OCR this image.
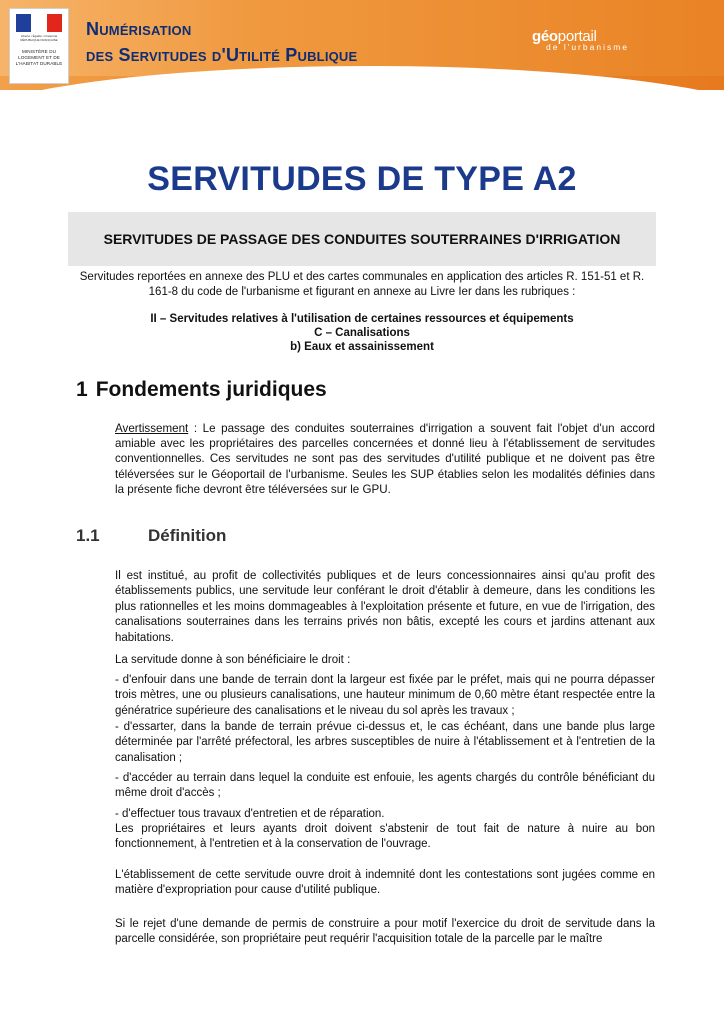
Liberté • Égalité • Fraternité RÉPUBLIQUE FRANÇAISE
MINISTÈRE DU LOGEMENT ET DE L'HABITAT DURABLE
Numérisation
des Servitudes d'Utilité Publique
géoportail
de l'urbanisme
SERVITUDES DE TYPE A2
SERVITUDES DE PASSAGE DES CONDUITES SOUTERRAINES D'IRRIGATION
Servitudes reportées en annexe des PLU et des cartes communales en application des articles R. 151-51 et R. 161-8 du code de l'urbanisme et figurant en annexe au Livre Ier dans les rubriques :
II – Servitudes relatives à l'utilisation de certaines ressources et équipements
C – Canalisations
b) Eaux et assainissement
1 Fondements juridiques
Avertissement : Le passage des conduites souterraines d'irrigation a souvent fait l'objet d'un accord amiable avec les propriétaires des parcelles concernées et donné lieu à l'établissement de servitudes conventionnelles. Ces servitudes ne sont pas des servitudes d'utilité publique et ne doivent pas être téléversées sur le Géoportail de l'urbanisme. Seules les SUP établies selon les modalités définies dans la présente fiche devront être téléversées sur le GPU.
1.1	Définition

Il est institué, au profit de collectivités publiques et de leurs concessionnaires ainsi qu'au profit des établissements publics, une servitude leur conférant le droit d'établir à demeure, dans les conditions les plus rationnelles et les moins dommageables à l'exploitation présente et future, en vue de l'irrigation, des canalisations souterraines dans les terrains privés non bâtis, excepté les cours et jardins attenant aux habitations.

La servitude donne à son bénéficiaire le droit :

- d'enfouir dans une bande de terrain dont la largeur est fixée par le préfet, mais qui ne pourra dépasser trois mètres, une ou plusieurs canalisations, une hauteur minimum de 0,60 mètre étant respectée entre la génératrice supérieure des canalisations et le niveau du sol après les travaux ;

- d'essarter, dans la bande de terrain prévue ci-dessus et, le cas échéant, dans une bande plus large déterminée par l'arrêté préfectoral, les arbres susceptibles de nuire à l'établissement et à l'entretien de la canalisation ;

- d'accéder au terrain dans lequel la conduite est enfouie, les agents chargés du contrôle bénéficiant du même droit d'accès ;

- d'effectuer tous travaux d'entretien et de réparation.

Les propriétaires et leurs ayants droit doivent s'abstenir de tout fait de nature à nuire au bon fonctionnement, à l'entretien et à la conservation de l'ouvrage.

L'établissement de cette servitude ouvre droit à indemnité dont les contestations sont jugées comme en matière d'expropriation pour cause d'utilité publique.

Si le rejet d'une demande de permis de construire a pour motif l'exercice du droit de servitude dans la parcelle considérée, son propriétaire peut requérir l'acquisition totale de la parcelle par le maître
